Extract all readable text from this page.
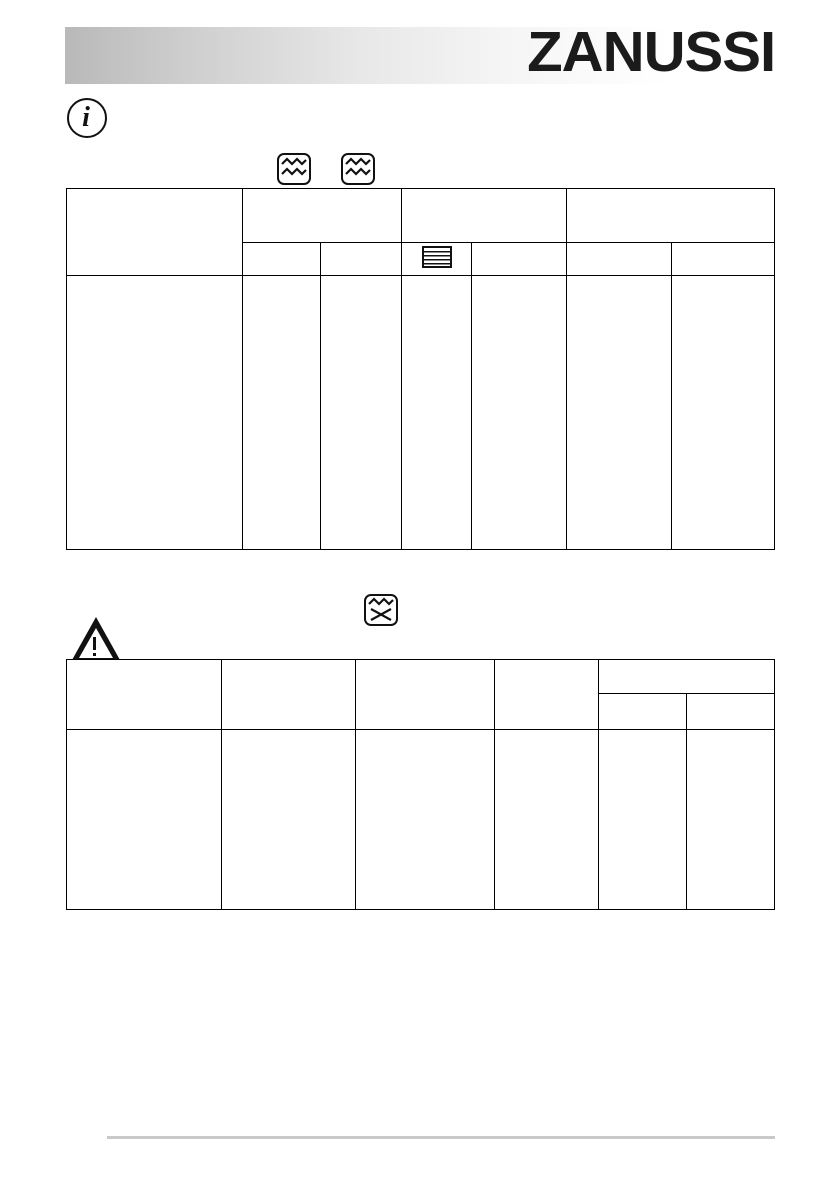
ZANUSSI
i
